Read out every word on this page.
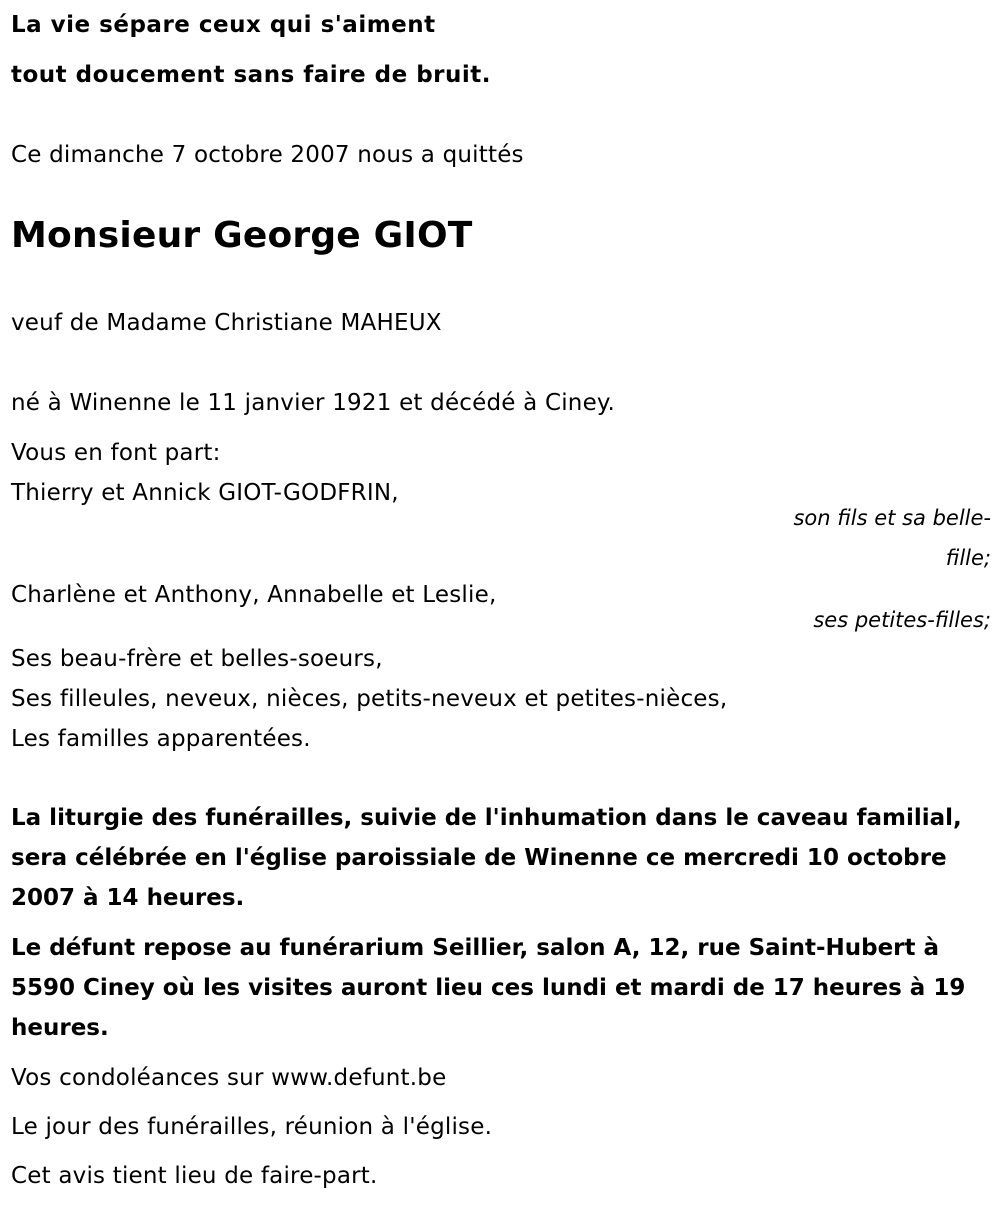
La vie sépare ceux qui s'aiment
tout doucement sans faire de bruit.
Ce dimanche 7 octobre 2007 nous a quittés
Monsieur George GIOT
veuf de Madame Christiane MAHEUX
né à Winenne le 11 janvier 1921 et décédé à Ciney.
Vous en font part:
Thierry et Annick GIOT-GODFRIN,
son fils et sa belle-fille;
Charlène et Anthony, Annabelle et Leslie,
ses petites-filles;
Ses beau-frère et belles-soeurs,
Ses filleules, neveux, nièces, petits-neveux et petites-nièces,
Les familles apparentées.
La liturgie des funérailles, suivie de l'inhumation dans le caveau familial, sera célébrée en l'église paroissiale de Winenne ce mercredi 10 octobre 2007 à 14 heures.
Le défunt repose au funérarium Seillier, salon A, 12, rue Saint-Hubert à 5590 Ciney où les visites auront lieu ces lundi et mardi de 17 heures à 19 heures.
Vos condoléances sur www.defunt.be
Le jour des funérailles, réunion à l'église.
Cet avis tient lieu de faire-part.
